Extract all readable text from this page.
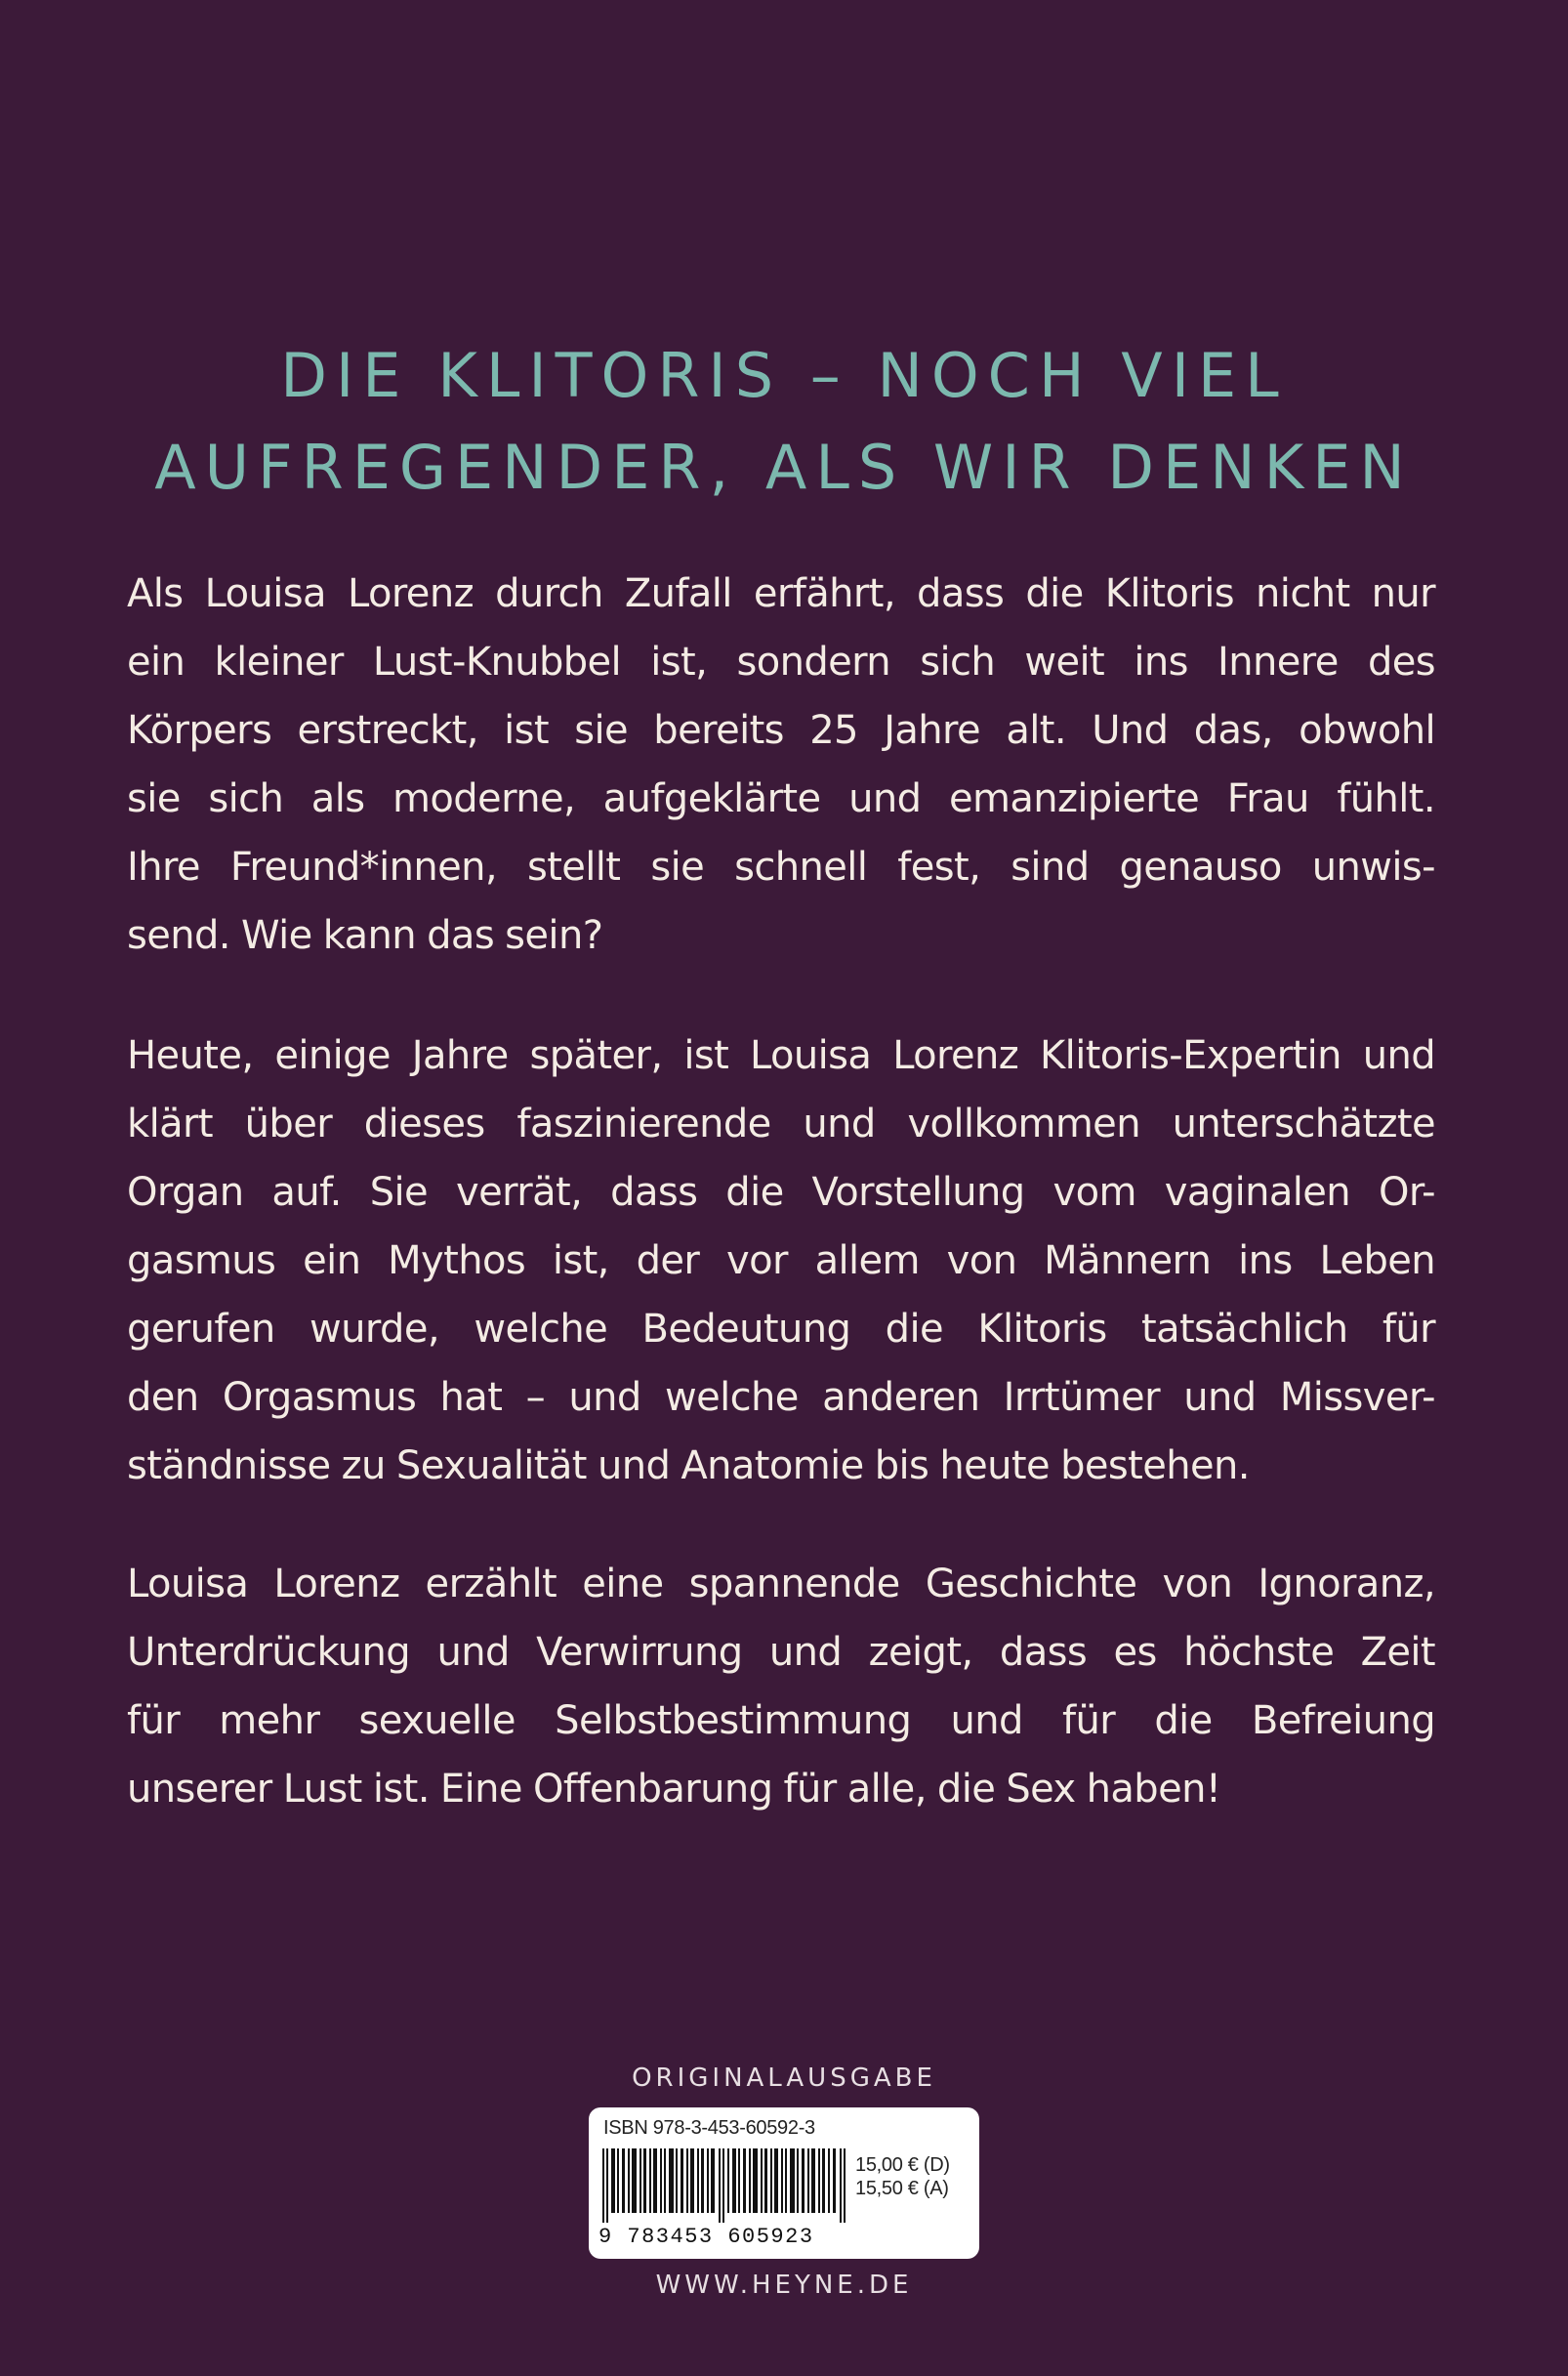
DIE KLITORIS – NOCH VIEL
AUFREGENDER, ALS WIR DENKEN
Als Louisa Lorenz durch Zufall erfährt, dass die Klitoris nicht nur
ein kleiner Lust-Knubbel ist, sondern sich weit ins Innere des
Körpers erstreckt, ist sie bereits 25 Jahre alt. Und das, obwohl
sie sich als moderne, aufgeklärte und emanzipierte Frau fühlt.
Ihre Freund*innen, stellt sie schnell fest, sind genauso unwis-
send. Wie kann das sein?
Heute, einige Jahre später, ist Louisa Lorenz Klitoris-Expertin und
klärt über dieses faszinierende und vollkommen unterschätzte
Organ auf. Sie verrät, dass die Vorstellung vom vaginalen Or-
gasmus ein Mythos ist, der vor allem von Männern ins Leben
gerufen wurde, welche Bedeutung die Klitoris tatsächlich für
den Orgasmus hat – und welche anderen Irrtümer und Missver-
ständnisse zu Sexualität und Anatomie bis heute bestehen.
Louisa Lorenz erzählt eine spannende Geschichte von Ignoranz,
Unterdrückung und Verwirrung und zeigt, dass es höchste Zeit
für mehr sexuelle Selbstbestimmung und für die Befreiung
unserer Lust ist. Eine Offenbarung für alle, die Sex haben!
ORIGINALAUSGABE
ISBN 978-3-453-60592-3
9 783453 605923
15,00 € (D)
15,50 € (A)
WWW.HEYNE.DE
